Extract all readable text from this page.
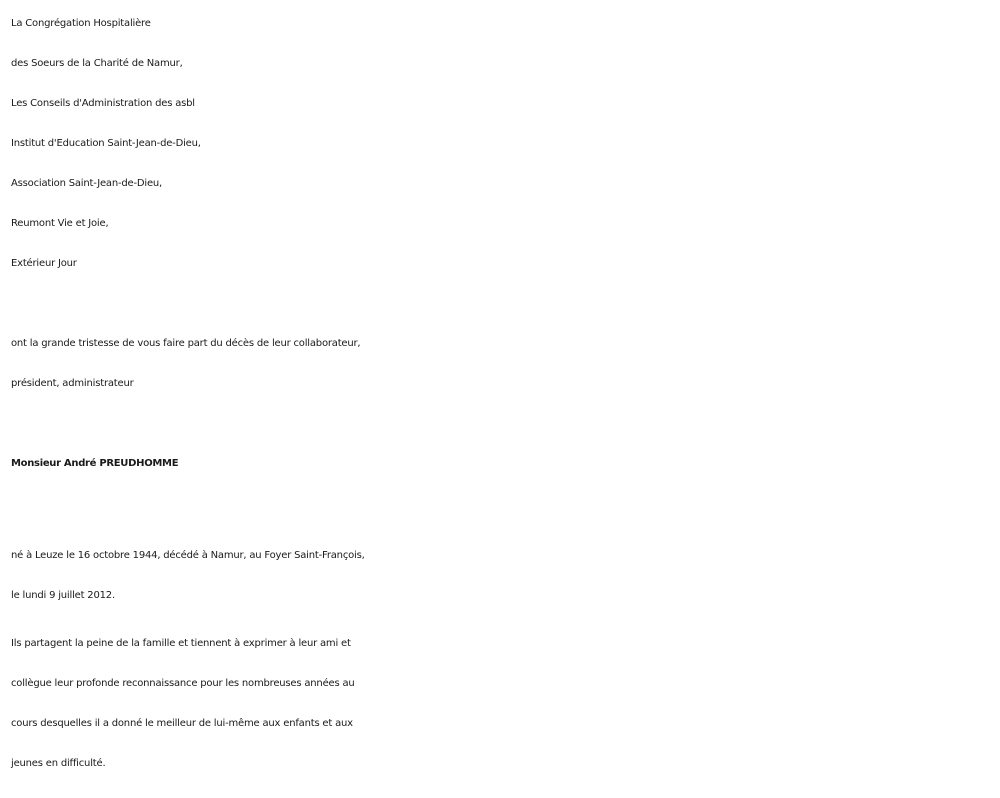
La Congrégation Hospitalière
des Soeurs de la Charité de Namur,
Les Conseils d'Administration des asbl
Institut d'Education Saint-Jean-de-Dieu,
Association Saint-Jean-de-Dieu,
Reumont Vie et Joie,
Extérieur Jour
ont la grande tristesse de vous faire part du décès de leur collaborateur,
président, administrateur
Monsieur André PREUDHOMME
né à Leuze le 16 octobre 1944, décédé à Namur, au Foyer Saint-François,
le lundi 9 juillet 2012.
Ils partagent la peine de la famille et tiennent à exprimer à leur ami et
collègue leur profonde reconnaissance pour les nombreuses années au
cours desquelles il a donné le meilleur de lui-même aux enfants et aux
jeunes en difficulté.
